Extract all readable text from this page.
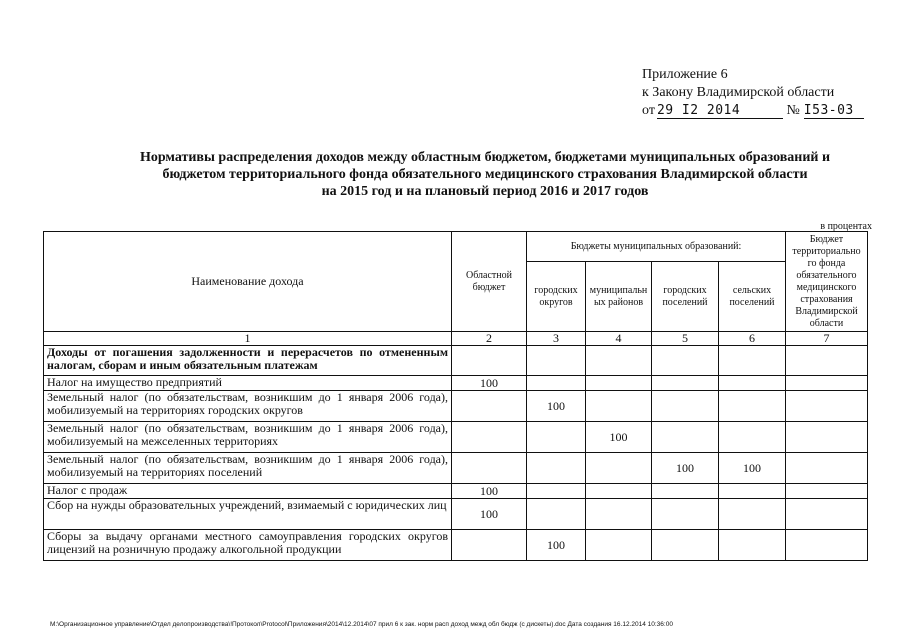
Приложение 6
к Закону Владимирской области
от 29 I2 2014	№ I53-03
Нормативы распределения доходов между областным бюджетом, бюджетами муниципальных образований и
бюджетом территориального фонда обязательного медицинского страхования Владимирской области
на 2015 год и на плановый период 2016 и 2017 годов
в процентах
Наименование дохода	Областной бюджет	Бюджеты муниципальных образований:				Бюджет территориально го фонда обязательного медицинского страхования Владимирской области
		городских округов	муниципальн ых районов	городских поселений	сельских поселений	
1	2	3	4	5	6	7
Доходы от погашения задолженности и перерасчетов по отмененным налогам, сборам и иным обязательным платежам						
Налог на имущество предприятий	100					
Земельный налог (по обязательствам, возникшим до 1 января 2006 года), мобилизуемый на территориях городских округов		100				
Земельный налог (по обязательствам, возникшим до 1 января 2006 года), мобилизуемый на межселенных территориях			100			
Земельный налог (по обязательствам, возникшим до 1 января 2006 года), мобилизуемый на территориях поселений				100	100	
Налог с продаж	100					
Сбор на нужды образовательных учреждений, взимаемый с юридических лиц	100					
Сборы за выдачу органами местного самоуправления городских округов лицензий на розничную продажу алкогольной продукции		100				
М:\Организационное управление\Отдел делопроизводства\!Протокол\Protocol\Приложения\2014\12.2014\07 прил 6 к зак. норм расп доход межд обл бюдж (с дискеты).doc Дата создания 16.12.2014 10:36:00
